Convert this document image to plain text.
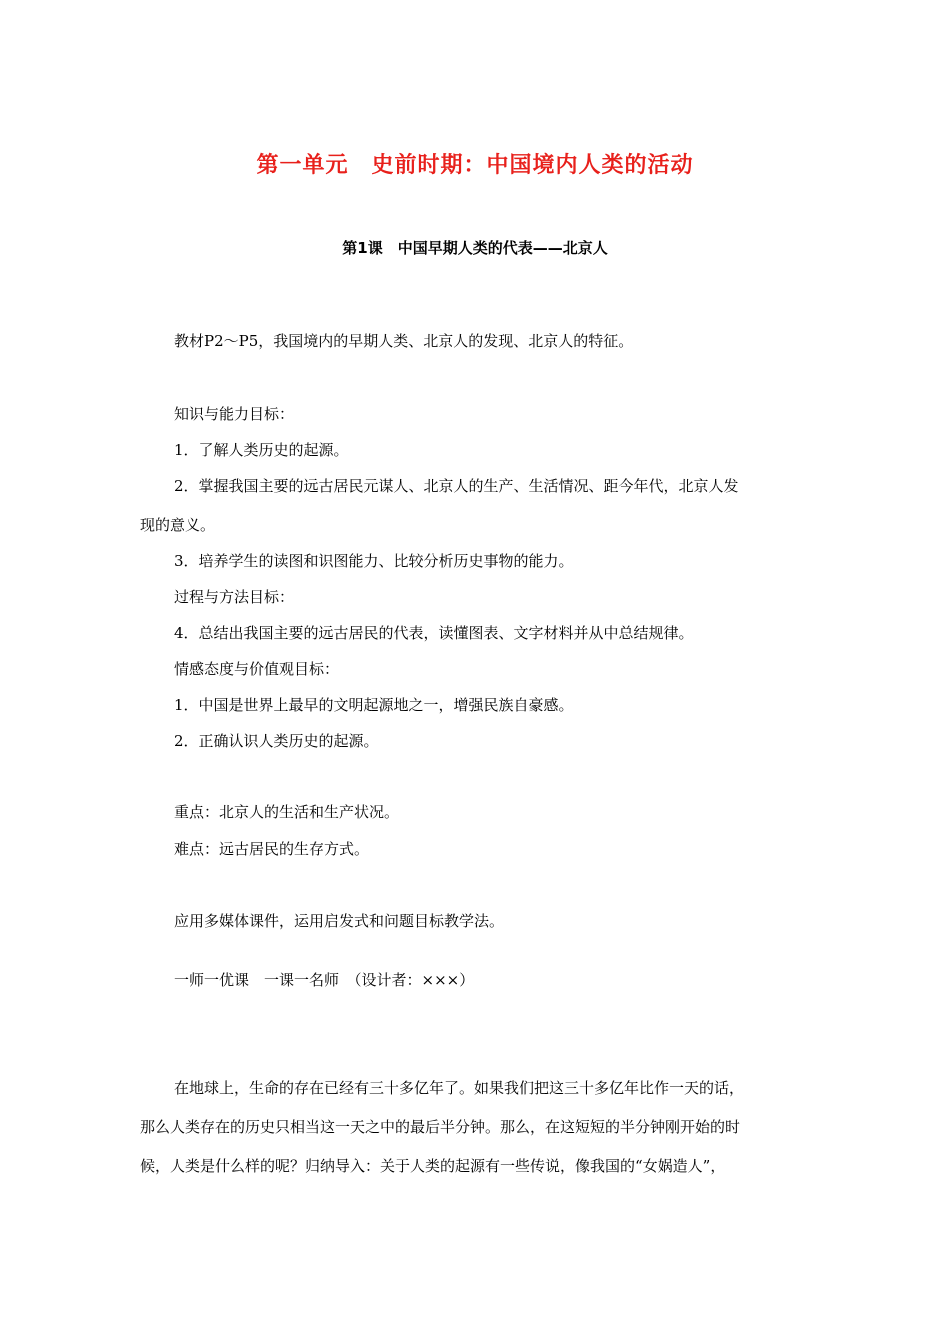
第一单元　史前时期：中国境内人类的活动
第1课　中国早期人类的代表——北京人
教材P2～P5，我国境内的早期人类、北京人的发现、北京人的特征。
知识与能力目标：
1．了解人类历史的起源。
2．掌握我国主要的远古居民元谋人、北京人的生产、生活情况、距今年代，北京人发
现的意义。
3．培养学生的读图和识图能力、比较分析历史事物的能力。
过程与方法目标：
4．总结出我国主要的远古居民的代表，读懂图表、文字材料并从中总结规律。
情感态度与价值观目标：
1．中国是世界上最早的文明起源地之一，增强民族自豪感。
2．正确认识人类历史的起源。
重点：北京人的生活和生产状况。
难点：远古居民的生存方式。
应用多媒体课件，运用启发式和问题目标教学法。
一师一优课　一课一名师　（设计者：×××）
在地球上，生命的存在已经有三十多亿年了。如果我们把这三十多亿年比作一天的话，
那么人类存在的历史只相当这一天之中的最后半分钟。那么，在这短短的半分钟刚开始的时
候，人类是什么样的呢？归纳导入：关于人类的起源有一些传说，像我国的“女娲造人”，
